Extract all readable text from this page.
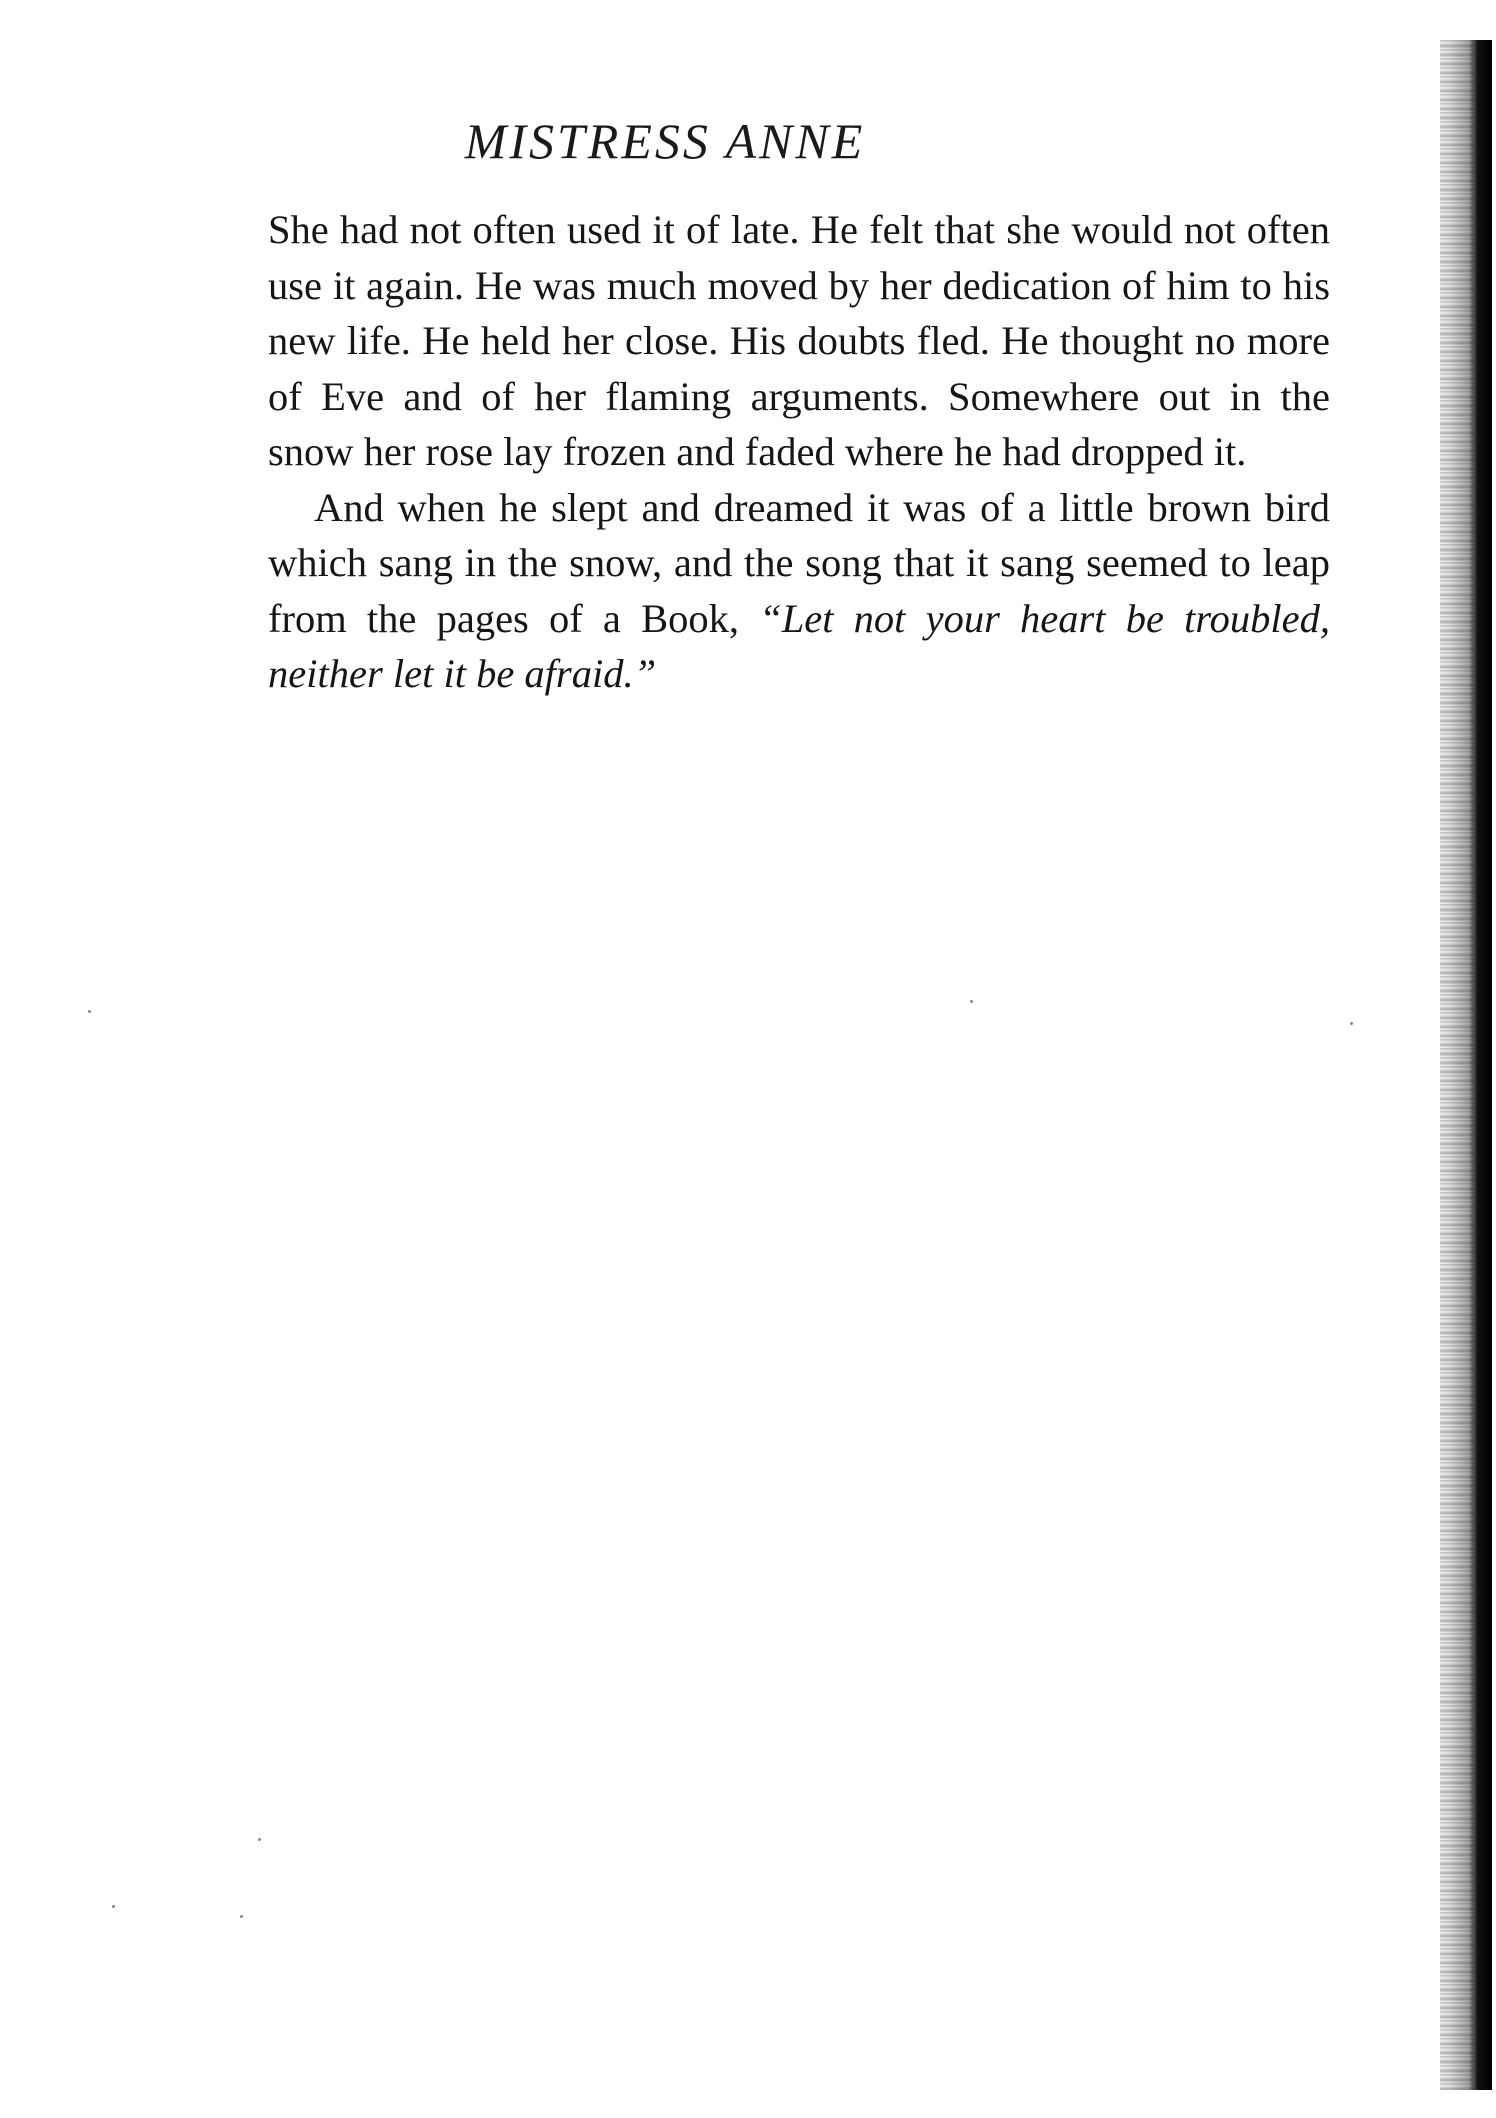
MISTRESS ANNE

She had not often used it of late. He felt that she would not often use it again. He was much moved by her dedication of him to his new life. He held her close. His doubts fled. He thought no more of Eve and of her flaming arguments. Somewhere out in the snow her rose lay frozen and faded where he had dropped it.

And when he slept and dreamed it was of a little brown bird which sang in the snow, and the song that it sang seemed to leap from the pages of a Book, “Let not your heart be troubled, neither let it be afraid.”
